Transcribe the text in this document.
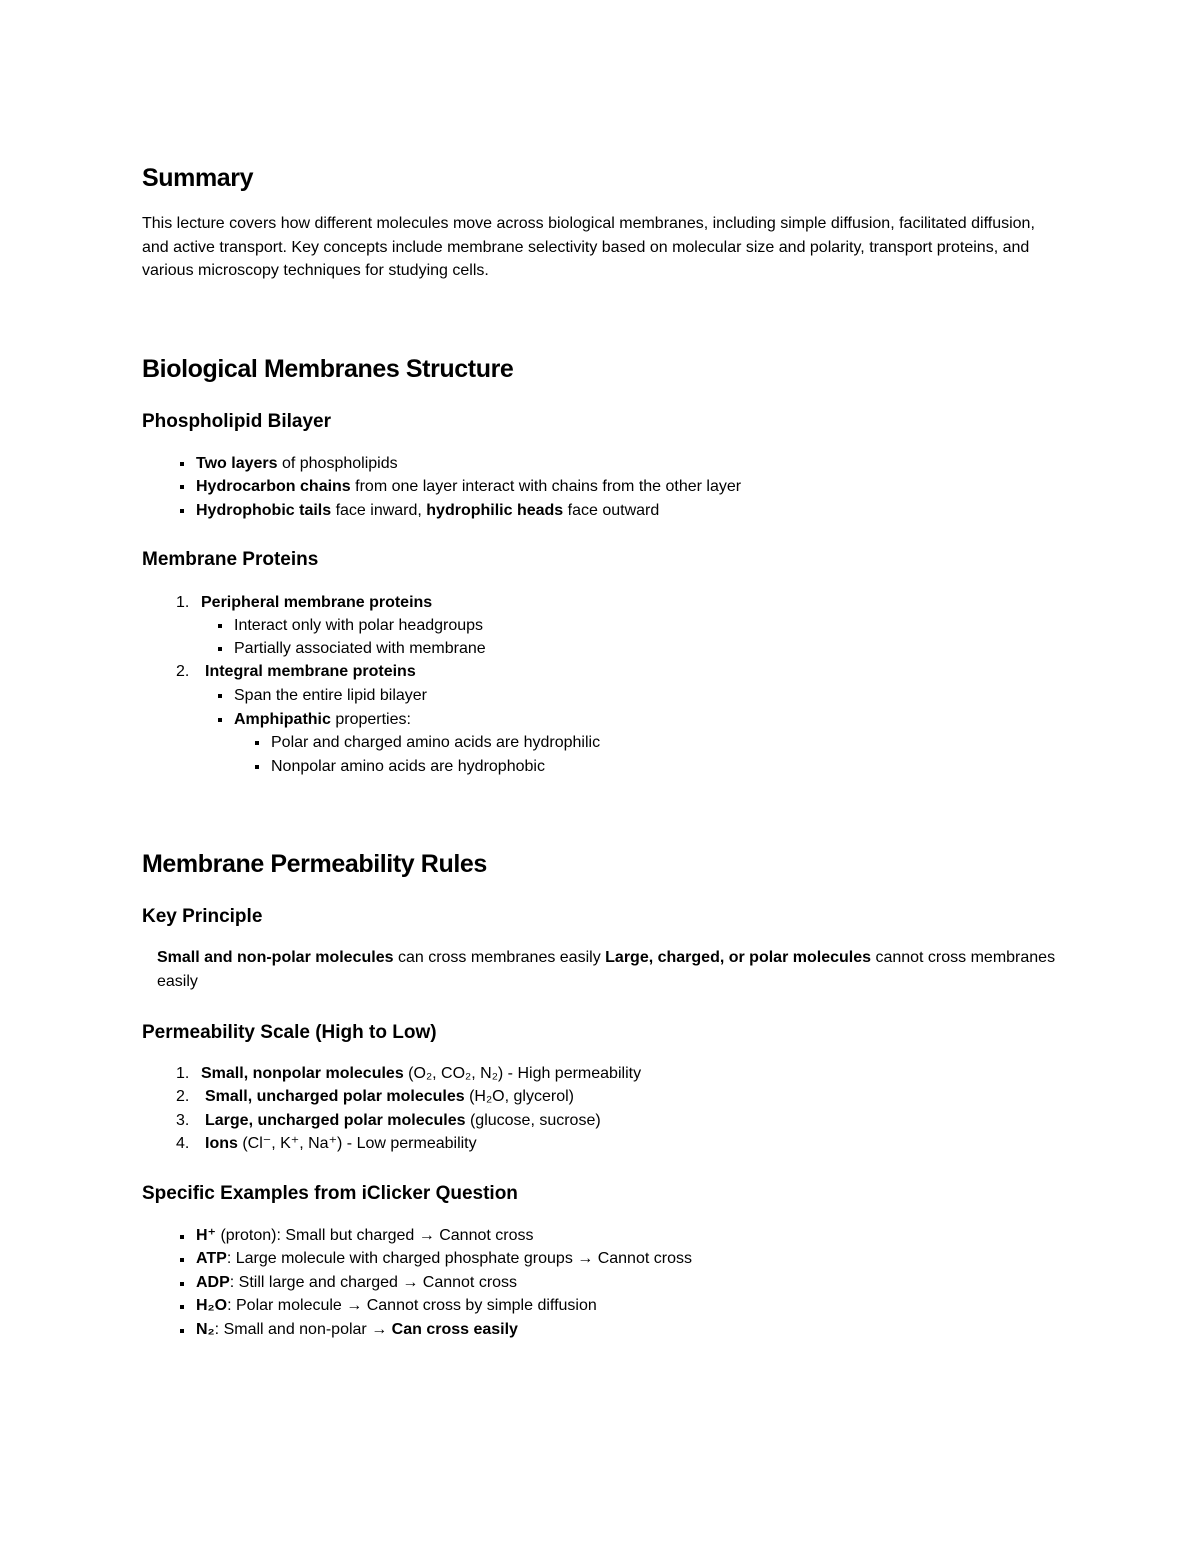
Summary

This lecture covers how different molecules move across biological membranes, including simple diffusion, facilitated diffusion, and active transport. Key concepts include membrane selectivity based on molecular size and polarity, transport proteins, and various microscopy techniques for studying cells.

Biological Membranes Structure
Phospholipid Bilayer
Two layers of phospholipids
Hydrocarbon chains from one layer interact with chains from the other layer
Hydrophobic tails face inward, hydrophilic heads face outward
Membrane Proteins
1. Peripheral membrane proteins
Interact only with polar headgroups
Partially associated with membrane
2. Integral membrane proteins
Span the entire lipid bilayer
Amphipathic properties:
Polar and charged amino acids are hydrophilic
Nonpolar amino acids are hydrophobic
Membrane Permeability Rules
Key Principle

Small and non-polar molecules can cross membranes easily Large, charged, or polar molecules cannot cross membranes easily

Permeability Scale (High to Low)
1. Small, nonpolar molecules (O₂, CO₂, N₂) - High permeability
2. Small, uncharged polar molecules (H₂O, glycerol)
3. Large, uncharged polar molecules (glucose, sucrose)
4. Ions (Cl⁻, K⁺, Na⁺) - Low permeability
Specific Examples from iClicker Question
H⁺ (proton): Small but charged → Cannot cross
ATP: Large molecule with charged phosphate groups → Cannot cross
ADP: Still large and charged → Cannot cross
H₂O: Polar molecule → Cannot cross by simple diffusion
N₂: Small and non-polar → Can cross easily
